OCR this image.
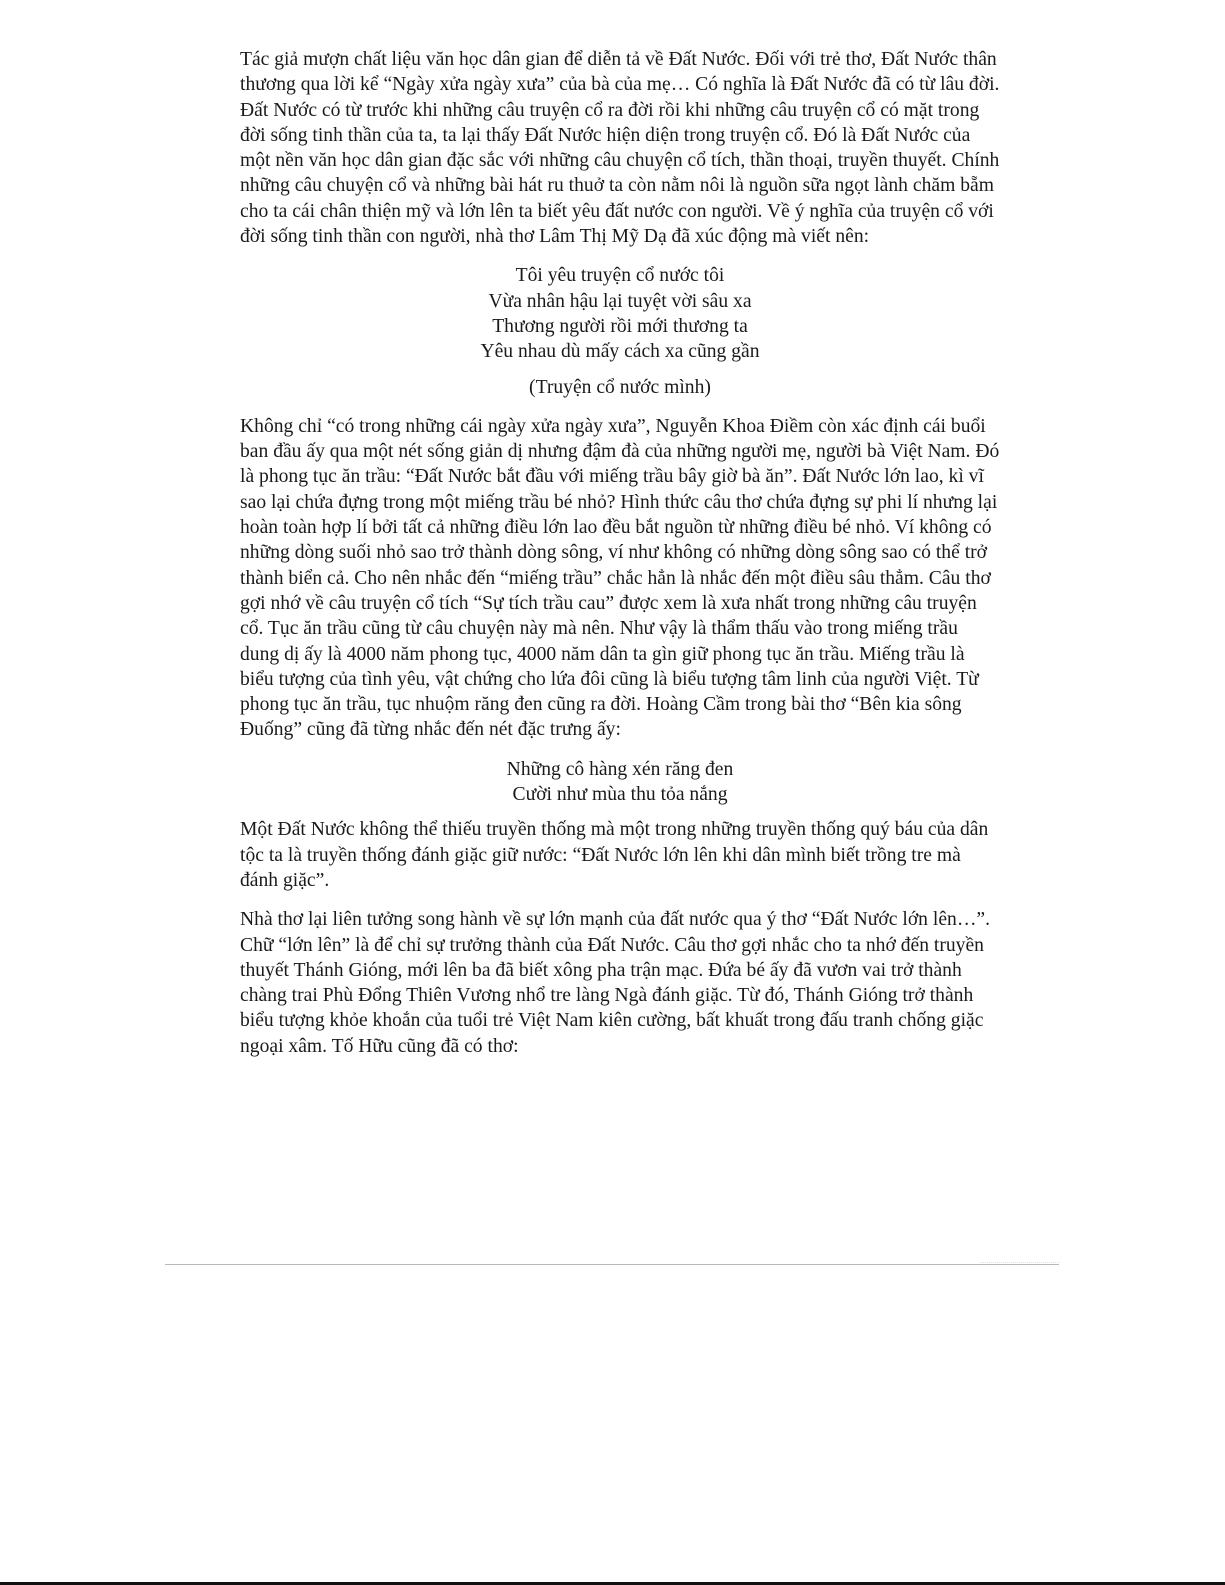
Tác giả mượn chất liệu văn học dân gian để diễn tả về Đất Nước. Đối với trẻ thơ, Đất Nước thân thương qua lời kể “Ngày xửa ngày xưa” của bà của mẹ… Có nghĩa là Đất Nước đã có từ lâu đời. Đất Nước có từ trước khi những câu truyện cổ ra đời rồi khi những câu truyện cổ có mặt trong đời sống tinh thần của ta, ta lại thấy Đất Nước hiện diện trong truyện cổ. Đó là Đất Nước của một nền văn học dân gian đặc sắc với những câu chuyện cổ tích, thần thoại, truyền thuyết. Chính những câu chuyện cổ và những bài hát ru thuở ta còn nằm nôi là nguồn sữa ngọt lành chăm bẵm cho ta cái chân thiện mỹ và lớn lên ta biết yêu đất nước con người. Về ý nghĩa của truyện cổ với đời sống tinh thần con người, nhà thơ Lâm Thị Mỹ Dạ đã xúc động mà viết nên:

Tôi yêu truyện cổ nước tôi
Vừa nhân hậu lại tuyệt vời sâu xa
Thương người rồi mới thương ta
Yêu nhau dù mấy cách xa cũng gần

(Truyện cổ nước mình)

Không chỉ “có trong những cái ngày xửa ngày xưa”, Nguyễn Khoa Điềm còn xác định cái buổi ban đầu ấy qua một nét sống giản dị nhưng đậm đà của những người mẹ, người bà Việt Nam. Đó là phong tục ăn trầu: “Đất Nước bắt đầu với miếng trầu bây giờ bà ăn”. Đất Nước lớn lao, kì vĩ sao lại chứa đựng trong một miếng trầu bé nhỏ? Hình thức câu thơ chứa đựng sự phi lí nhưng lại hoàn toàn hợp lí bởi tất cả những điều lớn lao đều bắt nguồn từ những điều bé nhỏ. Ví không có những dòng suối nhỏ sao trở thành dòng sông, ví như không có những dòng sông sao có thể trở thành biển cả. Cho nên nhắc đến “miếng trầu” chắc hẳn là nhắc đến một điều sâu thẳm. Câu thơ gợi nhớ về câu truyện cổ tích “Sự tích trầu cau” được xem là xưa nhất trong những câu truyện cổ. Tục ăn trầu cũng từ câu chuyện này mà nên. Như vậy là thẩm thấu vào trong miếng trầu dung dị ấy là 4000 năm phong tục, 4000 năm dân ta gìn giữ phong tục ăn trầu. Miếng trầu là biểu tượng của tình yêu, vật chứng cho lứa đôi cũng là biểu tượng tâm linh của người Việt. Từ phong tục ăn trầu, tục nhuộm răng đen cũng ra đời. Hoàng Cầm trong bài thơ “Bên kia sông Đuống” cũng đã từng nhắc đến nét đặc trưng ấy:

Những cô hàng xén răng đen
Cười như mùa thu tỏa nắng

Một Đất Nước không thể thiếu truyền thống mà một trong những truyền thống quý báu của dân tộc ta là truyền thống đánh giặc giữ nước: “Đất Nước lớn lên khi dân mình biết trồng tre mà đánh giặc”.

Nhà thơ lại liên tưởng song hành về sự lớn mạnh của đất nước qua ý thơ “Đất Nước lớn lên…”. Chữ “lớn lên” là để chỉ sự trưởng thành của Đất Nước. Câu thơ gợi nhắc cho ta nhớ đến truyền thuyết Thánh Gióng, mới lên ba đã biết xông pha trận mạc. Đứa bé ấy đã vươn vai trở thành chàng trai Phù Đổng Thiên Vương nhổ tre làng Ngà đánh giặc. Từ đó, Thánh Gióng trở thành biểu tượng khỏe khoắn của tuổi trẻ Việt Nam kiên cường, bất khuất trong đấu tranh chống giặc ngoại xâm. Tố Hữu cũng đã có thơ:
